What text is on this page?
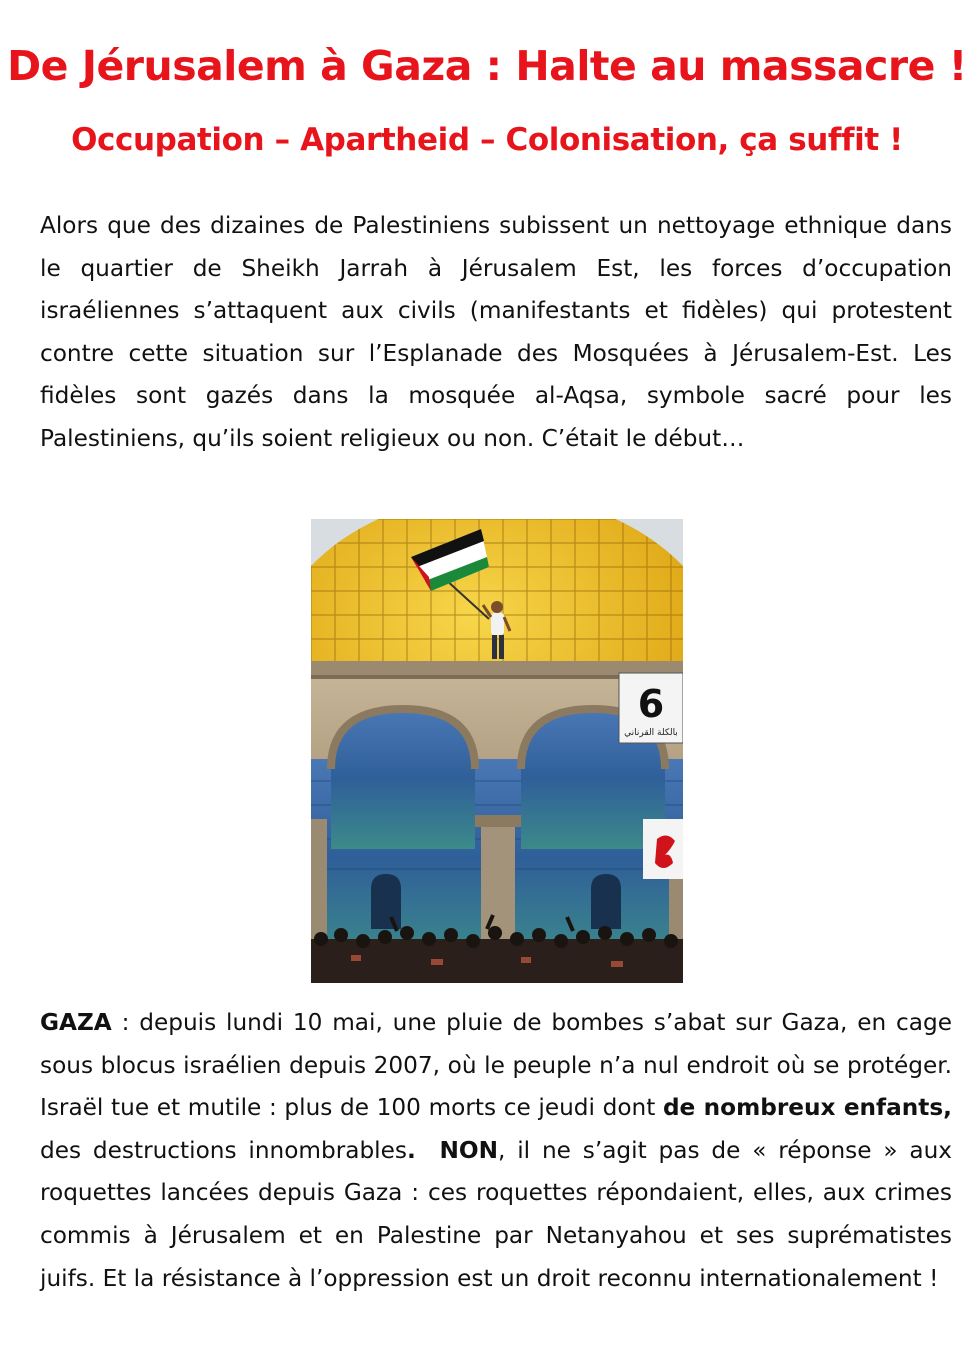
De Jérusalem à Gaza : Halte au massacre !
Occupation – Apartheid – Colonisation, ça suffit !

Alors que des dizaines de Palestiniens subissent un nettoyage ethnique dans le quartier de Sheikh Jarrah à Jérusalem Est, les forces d’occupation israéliennes s’attaquent aux civils (manifestants et fidèles) qui protestent contre cette situation sur l’Esplanade des Mosquées à Jérusalem-Est. Les fidèles sont gazés dans la mosquée al-Aqsa, symbole sacré pour les Palestiniens, qu’ils soient religieux ou non. C’était le début…

6
بالكلة القرناني

GAZA : depuis lundi 10 mai, une pluie de bombes s’abat sur Gaza, en cage sous blocus israélien depuis 2007, où le peuple n’a nul endroit où se protéger. Israël tue et mutile : plus de 100 morts ce jeudi dont de nombreux enfants, des destructions innombrables. NON, il ne s’agit pas de « réponse » aux roquettes lancées depuis Gaza : ces roquettes répondaient, elles, aux crimes commis à Jérusalem et en Palestine par Netanyahou et ses suprématistes juifs. Et la résistance à l’oppression est un droit reconnu internationalement !
